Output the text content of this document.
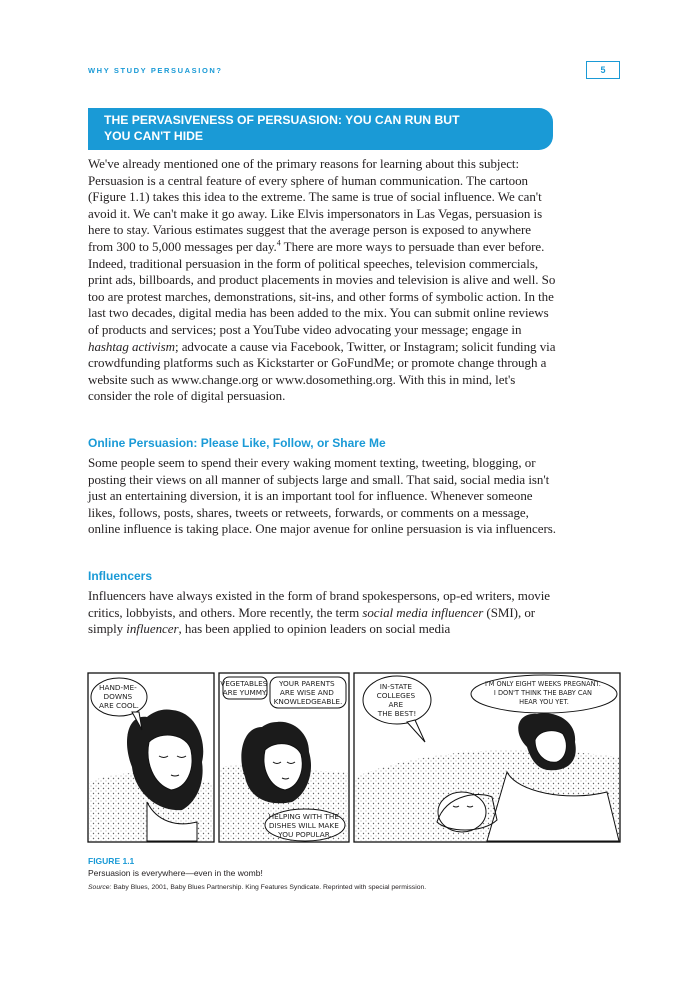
WHY STUDY PERSUASION?	5
THE PERVASIVENESS OF PERSUASION: YOU CAN RUN BUT
YOU CAN'T HIDE

We've already mentioned one of the primary reasons for learning about this subject: Persuasion is a central feature of every sphere of human communication. The cartoon (Figure 1.1) takes this idea to the extreme. The same is true of social influence. We can't avoid it. We can't make it go away. Like Elvis impersonators in Las Vegas, persuasion is here to stay. Various estimates suggest that the average person is exposed to anywhere from 300 to 5,000 messages per day.$^4$ There are more ways to persuade than ever before. Indeed, traditional persuasion in the form of political speeches, television commercials, print ads, billboards, and product placements in movies and television is alive and well. So too are protest marches, demonstrations, sit-ins, and other forms of symbolic action. In the last two decades, digital media has been added to the mix. You can submit online reviews of products and services; post a YouTube video advocating your message; engage in hashtag activism; advocate a cause via Facebook, Twitter, or Instagram; solicit funding via crowdfunding platforms such as Kickstarter or GoFundMe; or promote change through a website such as www.change.org or www.dosomething.org. With this in mind, let's consider the role of digital persuasion.

Online Persuasion: Please Like, Follow, or Share Me

Some people seem to spend their every waking moment texting, tweeting, blogging, or posting their views on all manner of subjects large and small. That said, social media isn't just an entertaining diversion, it is an important tool for influence. Whenever someone likes, follows, posts, shares, tweets or retweets, forwards, or comments on a message, online influence is taking place. One major avenue for online persuasion is via influencers.

Influencers

Influencers have always existed in the form of brand spokespersons, op-ed writers, movie critics, lobbyists, and others. More recently, the term social media influencer (SMI), or simply influencer, has been applied to opinion leaders on social media

HAND-ME- DOWNS ARE COOL.
VEGETABLES ARE YUMMY.
YOUR PARENTS ARE WISE AND KNOWLEDGEABLE.
HELPING WITH THE DISHES WILL MAKE YOU POPULAR.
IN-STATE COLLEGES ARE THE BEST!
I'M ONLY EIGHT WEEKS PREGNANT. I DON'T THINK THE BABY CAN HEAR YOU YET.
FIGURE 1.1
Persuasion is everywhere—even in the womb!
Source: Baby Blues, 2001, Baby Blues Partnership. King Features Syndicate. Reprinted with special permission.
